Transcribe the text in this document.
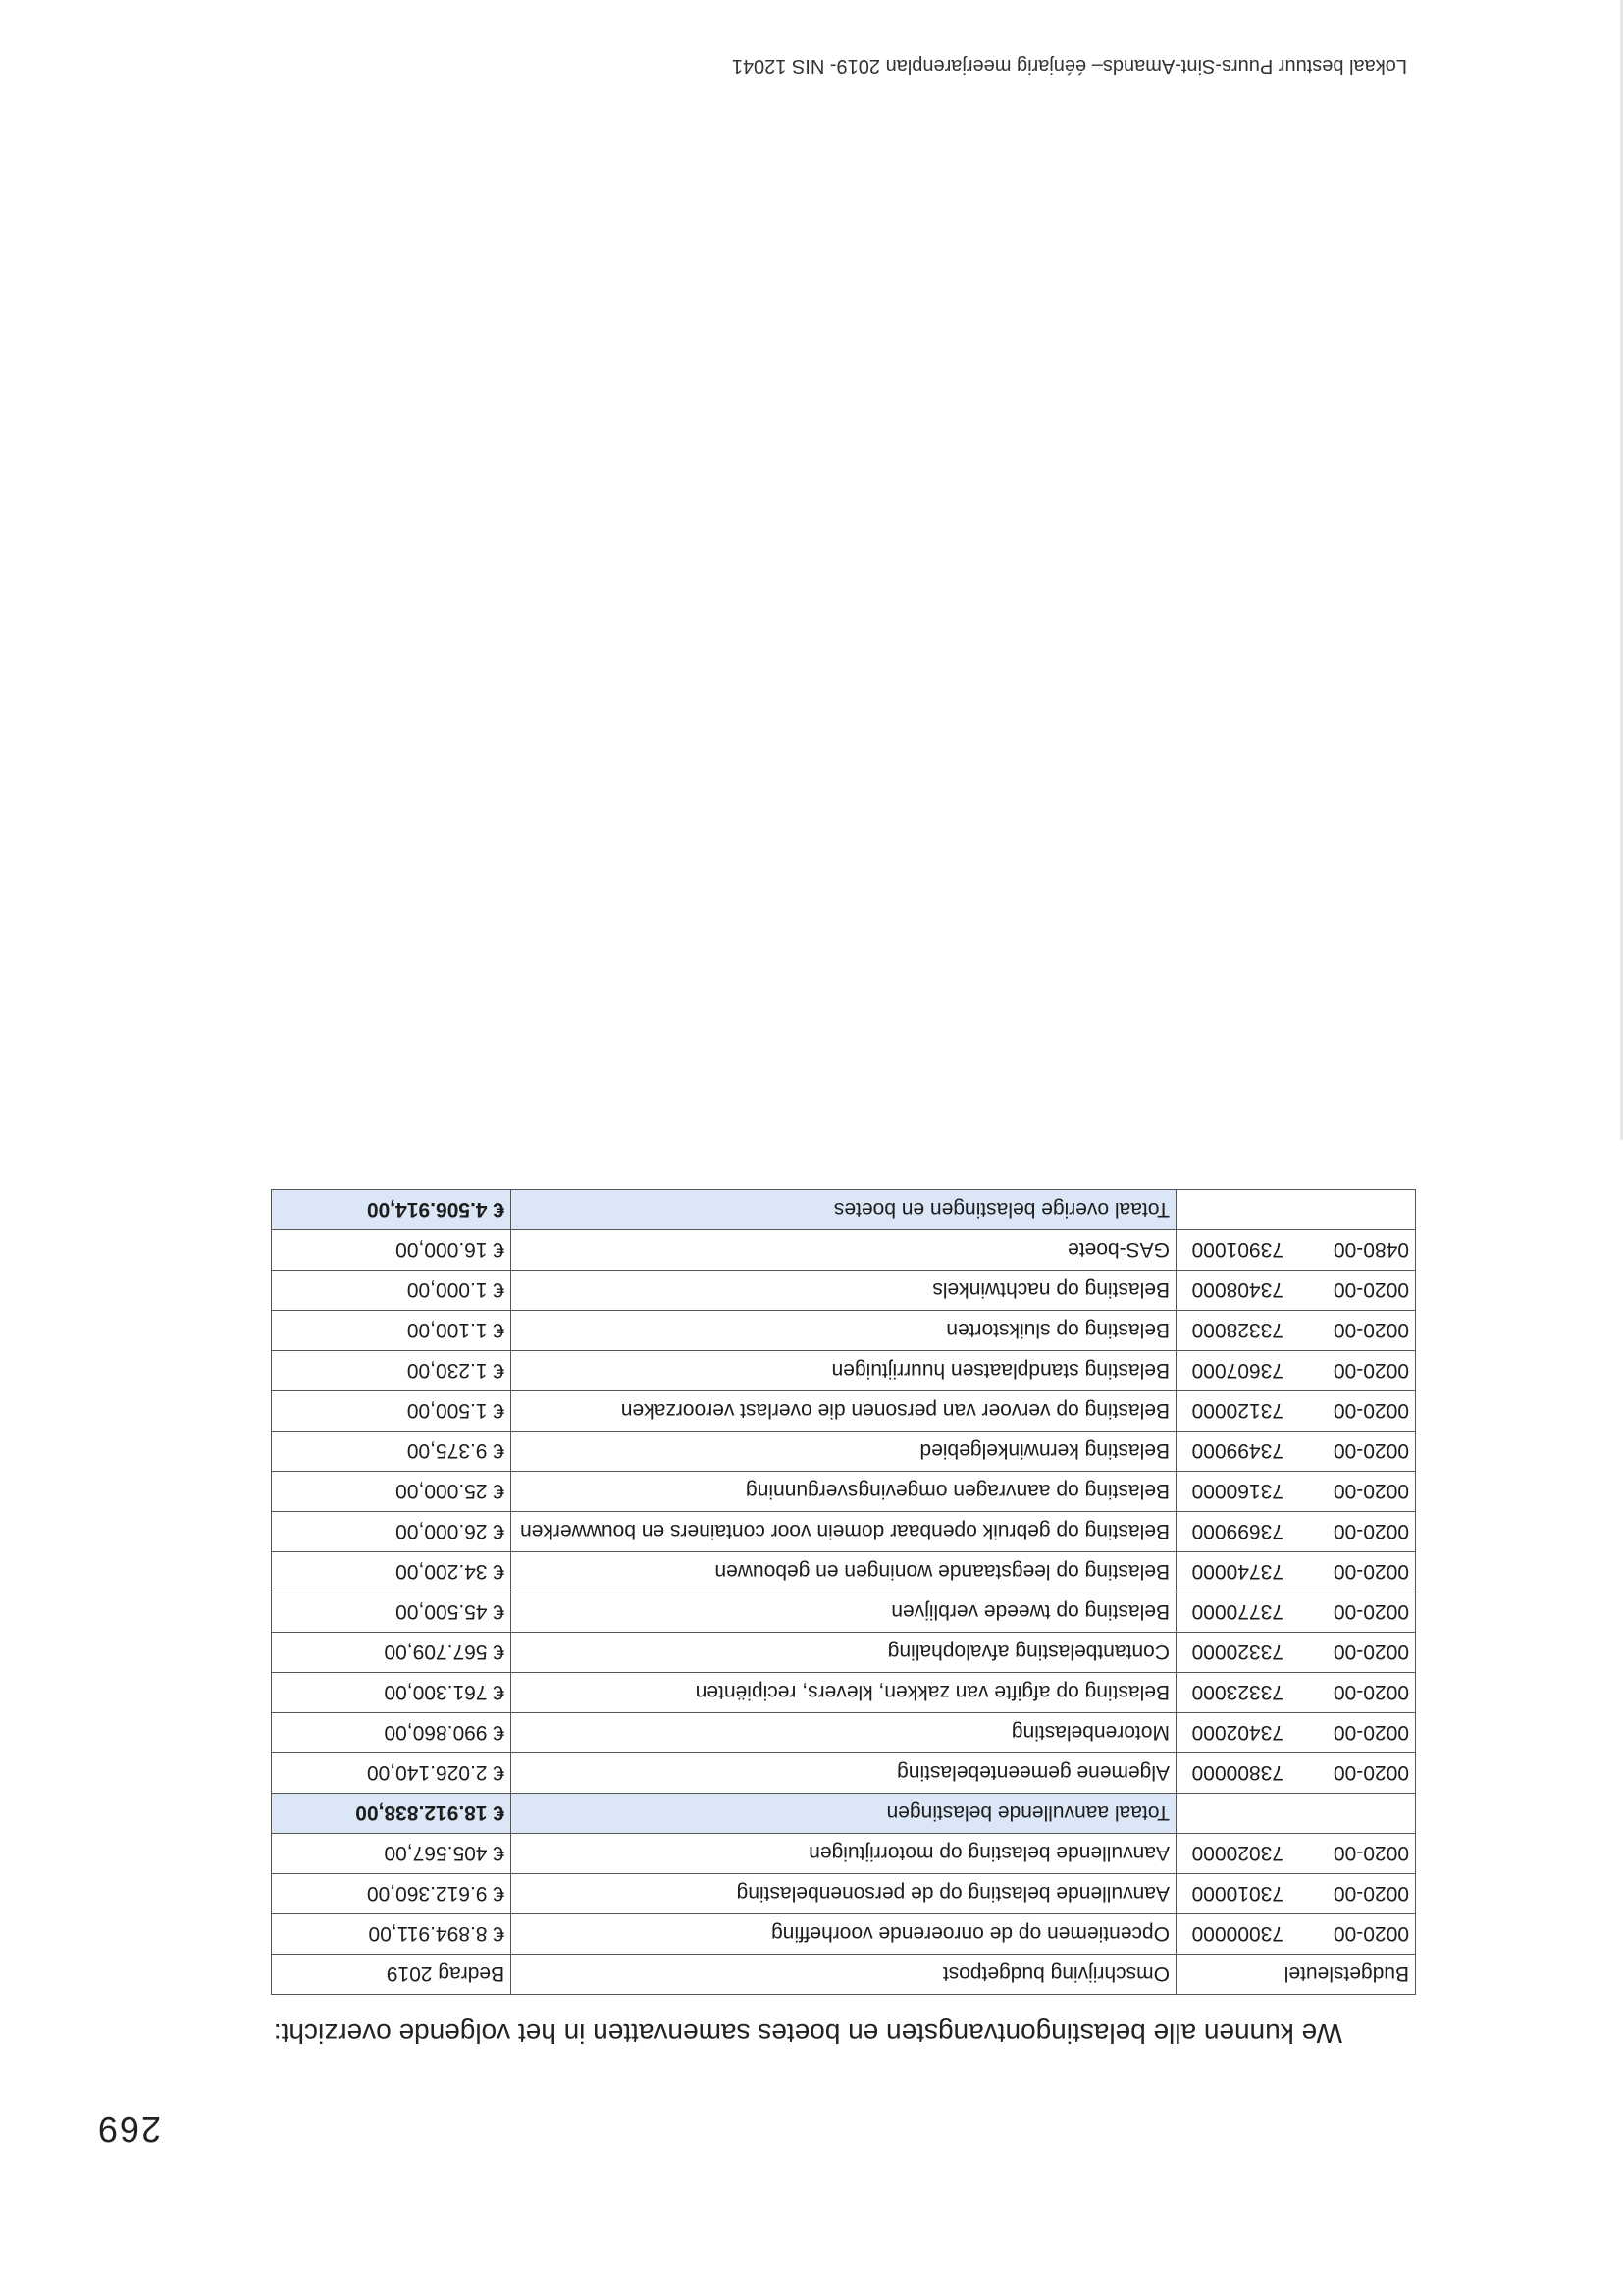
269
We kunnen alle belastingontvangsten en boetes samenvatten in het volgende overzicht:
Budgetsleutel	Omschrijving budgetpost	Bedrag 2019
0020-0073000000	Opcentiemen op de onroerende voorheffing	€ 8.894.911,00
0020-0073010000	Aanvullende belasting op de personenbelasting	€ 9.612.360,00
0020-0073020000	Aanvullende belasting op motorrijtuigen	€ 405.567,00
	Totaal aanvullende belastingen	€ 18.912.838,00
0020-0073800000	Algemene gemeentebelasting	€ 2.026.140,00
0020-0073402000	Motorenbelasting	€ 990.860,00
0020-0073323000	Belasting op afgifte van zakken, klevers, recipiënten	€ 761.300,00
0020-0073320000	Contantbelasting afvalophaling	€ 567.709,00
0020-0073770000	Belasting op tweede verblijven	€ 45.500,00
0020-0073740000	Belasting op leegstaande woningen en gebouwen	€ 34.200,00
0020-0073699000	Belasting op gebruik openbaar domein voor containers en bouwwerken	€ 26.000,00
0020-0073160000	Belasting op aanvragen omgevingsvergunning	€ 25.000,00
0020-0073499000	Belasting kernwinkelgebied	€ 9.375,00
0020-0073120000	Belasting op vervoer van personen die overlast veroorzaken	€ 1.500,00
0020-0073607000	Belasting standplaatsen huurrijtuigen	€ 1.230,00
0020-0073328000	Belasting op sluikstorten	€ 1.100,00
0020-0073408000	Belasting op nachtwinkels	€ 1.000,00
0480-0073901000	GAS-boete	€ 16.000,00
	Totaal overige belastingen en boetes	€ 4.506.914,00
Lokaal bestuur Puurs-Sint-Amands– éénjarig meerjarenplan 2019- NIS 12041
